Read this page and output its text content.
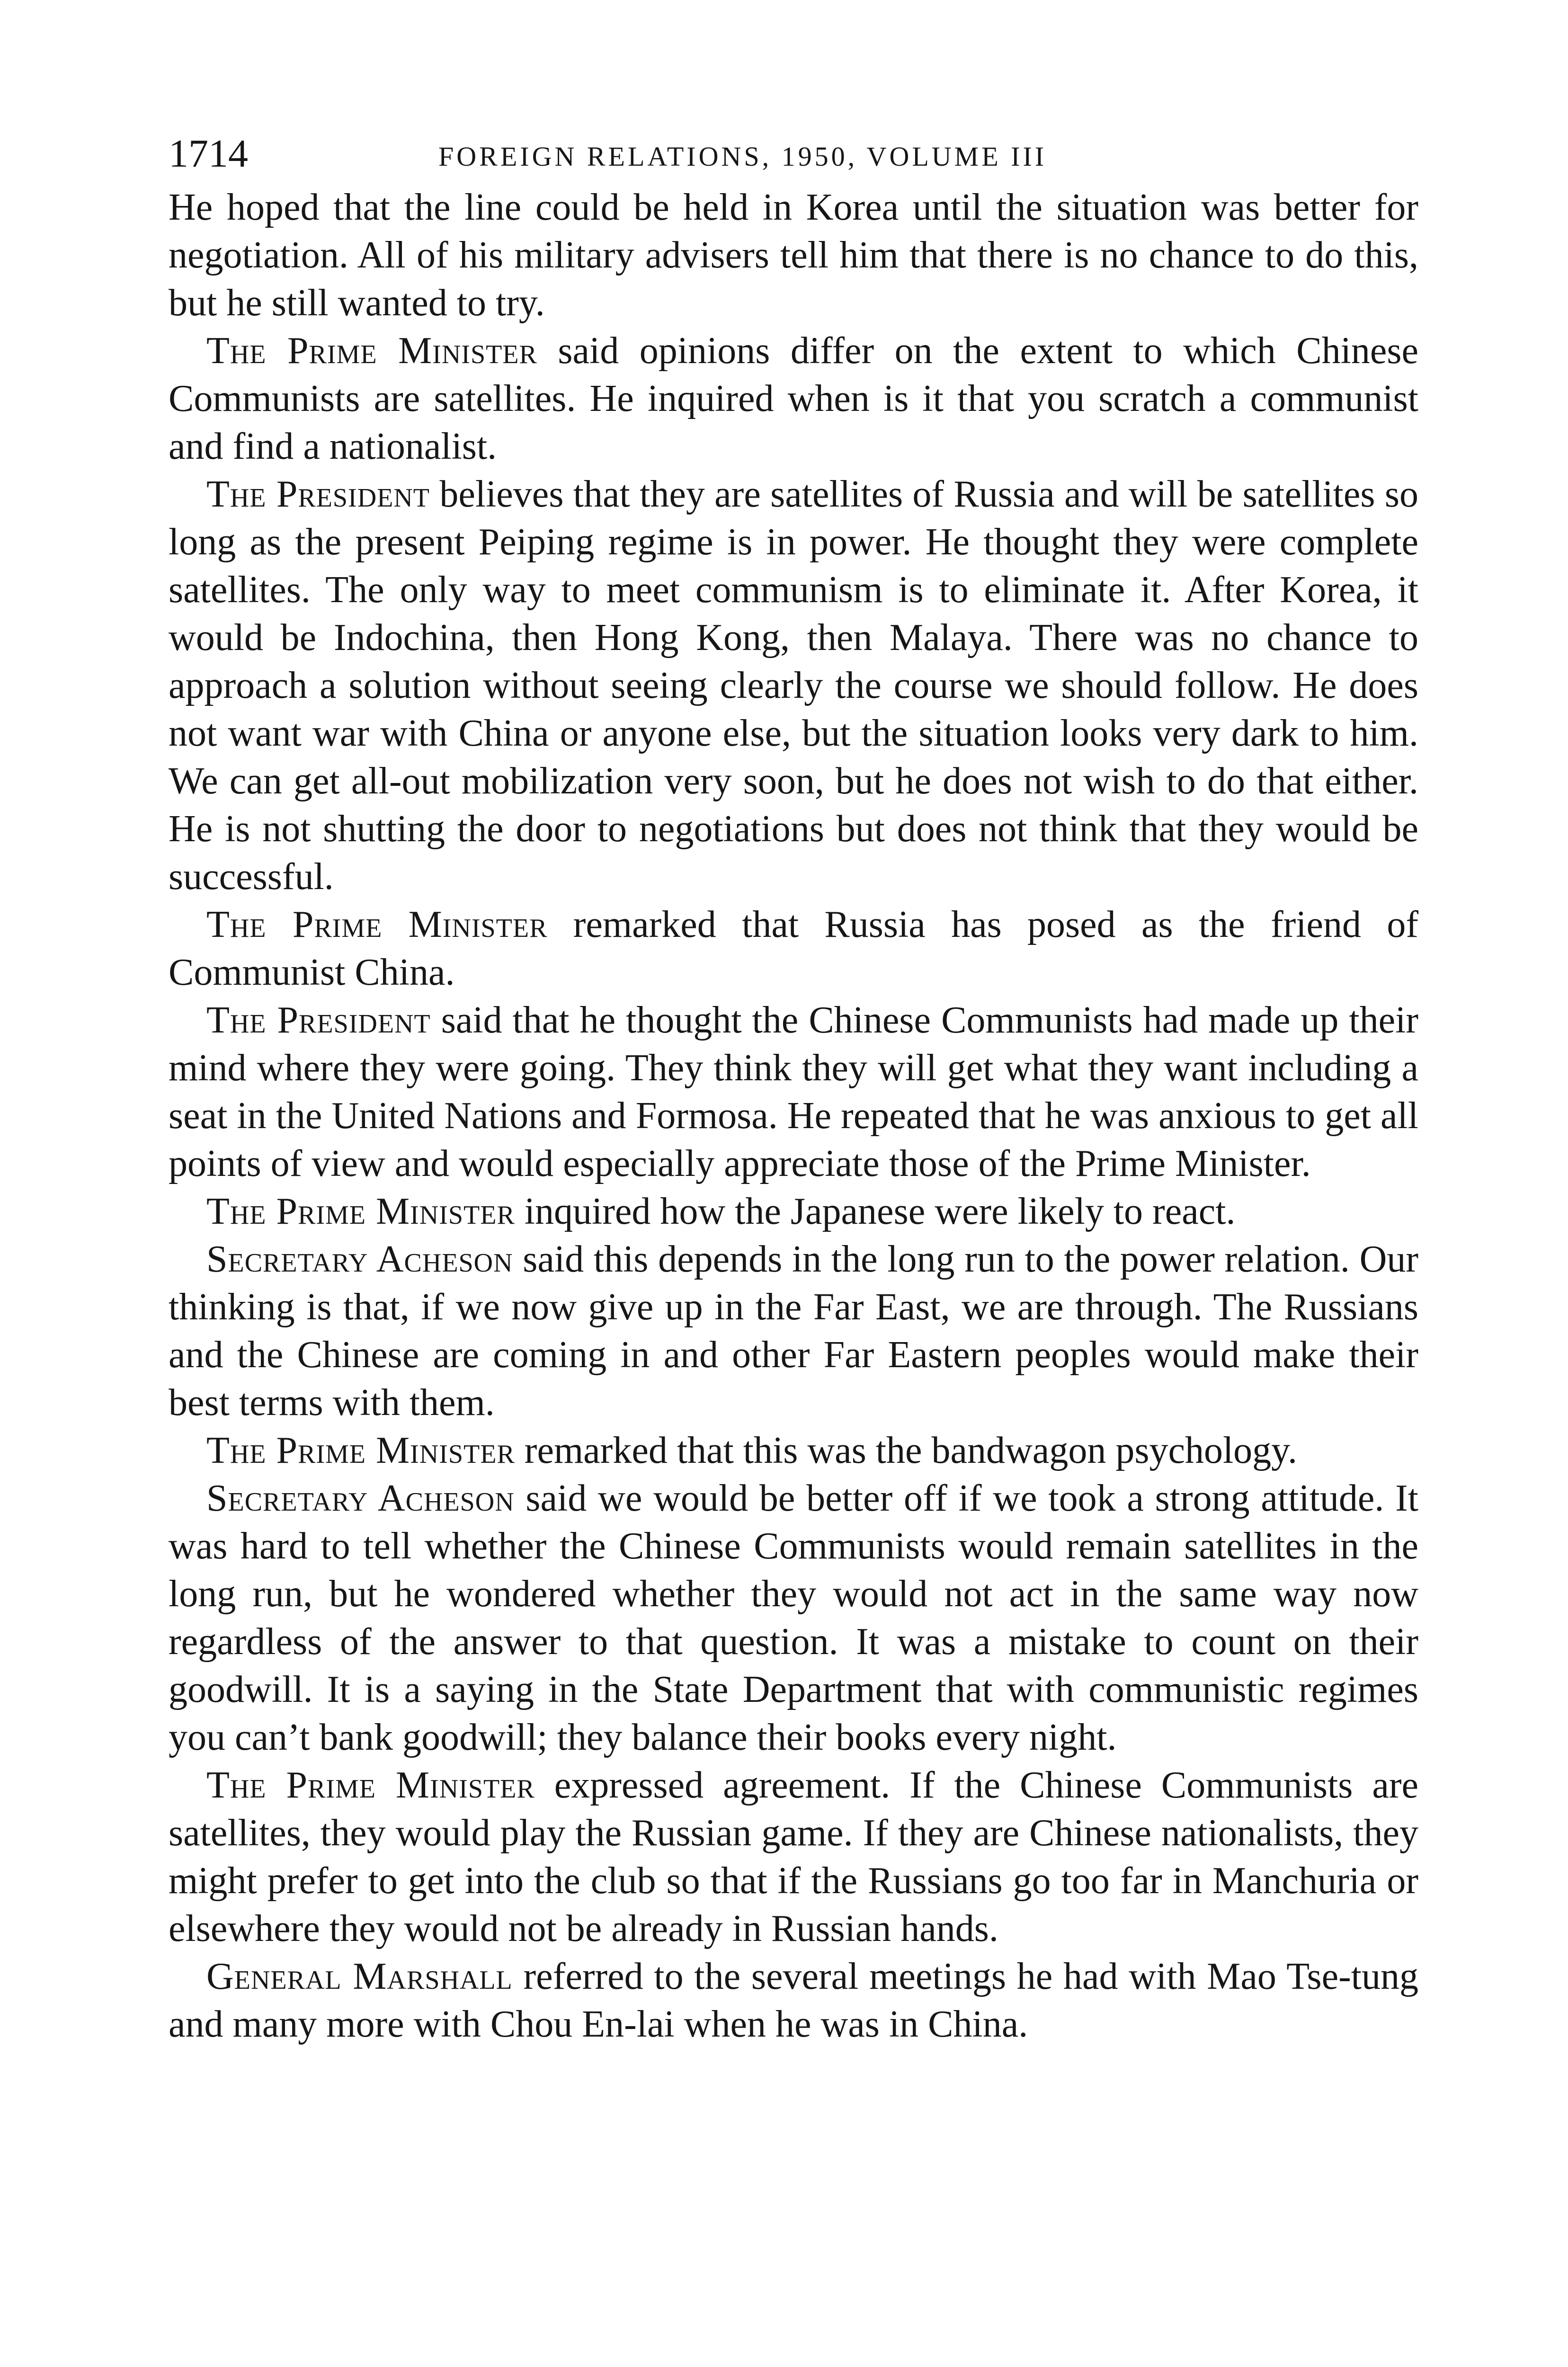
1714	FOREIGN RELATIONS, 1950, VOLUME III

He hoped that the line could be held in Korea until the situation was better for negotiation. All of his military advisers tell him that there is no chance to do this, but he still wanted to try.

The Prime Minister said opinions differ on the extent to which Chinese Communists are satellites. He inquired when is it that you scratch a communist and find a nationalist.

The President believes that they are satellites of Russia and will be satellites so long as the present Peiping regime is in power. He thought they were complete satellites. The only way to meet communism is to eliminate it. After Korea, it would be Indochina, then Hong Kong, then Malaya. There was no chance to approach a solution without seeing clearly the course we should follow. He does not want war with China or anyone else, but the situation looks very dark to him. We can get all-out mobilization very soon, but he does not wish to do that either. He is not shutting the door to negotiations but does not think that they would be successful.

The Prime Minister remarked that Russia has posed as the friend of Communist China.

The President said that he thought the Chinese Communists had made up their mind where they were going. They think they will get what they want including a seat in the United Nations and Formosa. He repeated that he was anxious to get all points of view and would especially appreciate those of the Prime Minister.

The Prime Minister inquired how the Japanese were likely to react.

Secretary Acheson said this depends in the long run to the power relation. Our thinking is that, if we now give up in the Far East, we are through. The Russians and the Chinese are coming in and other Far Eastern peoples would make their best terms with them.

The Prime Minister remarked that this was the bandwagon psychology.

Secretary Acheson said we would be better off if we took a strong attitude. It was hard to tell whether the Chinese Communists would remain satellites in the long run, but he wondered whether they would not act in the same way now regardless of the answer to that question. It was a mistake to count on their goodwill. It is a saying in the State Department that with communistic regimes you can’t bank goodwill; they balance their books every night.

The Prime Minister expressed agreement. If the Chinese Communists are satellites, they would play the Russian game. If they are Chinese nationalists, they might prefer to get into the club so that if the Russians go too far in Manchuria or elsewhere they would not be already in Russian hands.

General Marshall referred to the several meetings he had with Mao Tse-tung and many more with Chou En-lai when he was in China.
